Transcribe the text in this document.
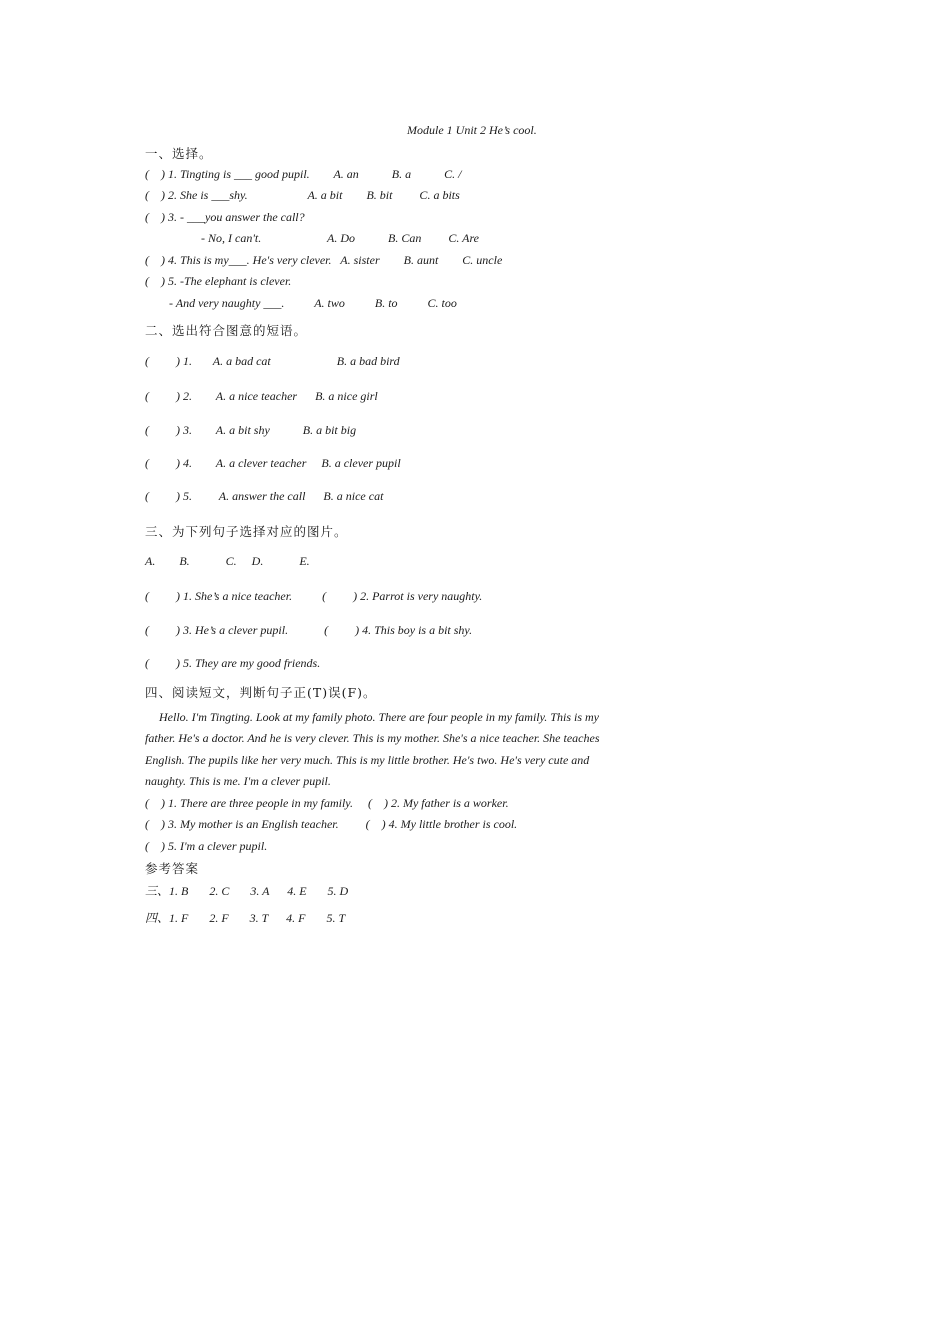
Module 1 Unit 2 He’s cool.
一、选择。
(    ) 1. Tingting is ___ good pupil.        A. an           B. a           C. /
(    ) 2. She is ___shy.                    A. a bit        B. bit         C. a bits
(    ) 3. - ___you answer the call?
- No, I can't.                      A. Do           B. Can         C. Are
(    ) 4. This is my___. He's very clever.   A. sister        B. aunt        C. uncle
(    ) 5. -The elephant is clever.
- And very naughty ___.          A. two          B. to          C. too
二、选出符合图意的短语。
(         ) 1.       A. a bad cat                      B. a bad bird
(         ) 2.        A. a nice teacher      B. a nice girl
(         ) 3.        A. a bit shy           B. a bit big
(         ) 4.        A. a clever teacher     B. a clever pupil
(         ) 5.         A. answer the call      B. a nice cat
三、为下列句子选择对应的图片。
A.        B.            C.     D.            E.
(         ) 1. She’s a nice teacher.          (         ) 2. Parrot is very naughty.
(         ) 3. He’s a clever pupil.            (         ) 4. This boy is a bit shy.
(         ) 5. They are my good friends.
四、阅读短文，判断句子正(T)误(F)。
Hello. I'm Tingting. Look at my family photo. There are four people in my family. This is my
father. He's a doctor. And he is very clever. This is my mother. She's a nice teacher. She teaches
English. The pupils like her very much. This is my little brother. He's two. He's very cute and
naughty. This is me. I'm a clever pupil.
(    ) 1. There are three people in my family.     (    ) 2. My father is a worker.
(    ) 3. My mother is an English teacher.         (    ) 4. My little brother is cool.
(    ) 5. I'm a clever pupil.
参考答案
三、1. B       2. C       3. A      4. E       5. D
四、1. F       2. F       3. T      4. F       5. T
